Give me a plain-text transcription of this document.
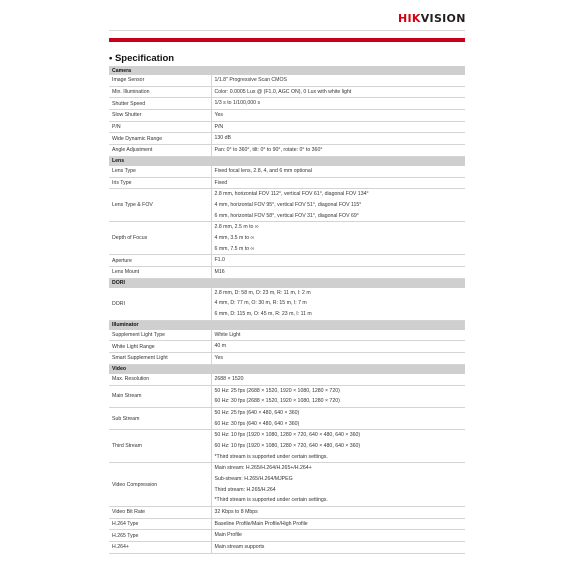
HIKVISION
• Specification
Camera	
Image Sensor	1/1.8" Progressive Scan CMOS

Min. Illumination	Color: 0.0005 Lux @ (F1.0, AGC ON), 0 Lux with white light

Shutter Speed	1/3 s to 1/100,000 s

Slow Shutter	Yes

P/N	P/N

Wide Dynamic Range	130 dB

Angle Adjustment	Pan: 0° to 360°, tilt: 0° to 90°, rotate: 0° to 360°

Lens	
Lens Type	Fixed focal lens, 2.8, 4, and 6 mm optional

Iris Type	Fixed

Lens Type & FOV	2.8 mm, horizontal FOV 112°, vertical FOV 61°, diagonal FOV 134°
4 mm, horizontal FOV 95°, vertical FOV 51°, diagonal FOV 115°
6 mm, horizontal FOV 58°, vertical FOV 31°, diagonal FOV 69°

Depth of Focus	2.8 mm, 2.5 m to ∞
4 mm, 3.5 m to ∞
6 mm, 7.5 m to ∞

Aperture	F1.0

Lens Mount	M16

DORI	
DORI	2.8 mm, D: 58 m, O: 23 m, R: 11 m, I: 2 m
4 mm, D: 77 m, O: 30 m, R: 15 m, I: 7 m
6 mm, D: 115 m, O: 45 m, R: 23 m, I: 11 m

Illuminator	
Supplement Light Type	White Light

White Light Range	40 m

Smart Supplement Light	Yes

Video	
Max. Resolution	2688 × 1520

Main Stream	50 Hz: 25 fps (2688 × 1520, 1920 × 1080, 1280 × 720)
60 Hz: 30 fps (2688 × 1520, 1920 × 1080, 1280 × 720)

Sub Stream	50 Hz: 25 fps (640 × 480, 640 × 360)
60 Hz: 30 fps (640 × 480, 640 × 360)

Third Stream	50 Hz: 10 fps (1920 × 1080, 1280 × 720, 640 × 480, 640 × 360)
60 Hz: 10 fps (1920 × 1080, 1280 × 720, 640 × 480, 640 × 360)
*Third stream is supported under certain settings.

Video Compression	Main stream: H.265/H.264/H.265+/H.264+
Sub-stream: H.265/H.264/MJPEG
Third stream: H.265/H.264
*Third stream is supported under certain settings.

Video Bit Rate	32 Kbps to 8 Mbps

H.264 Type	Baseline Profile/Main Profile/High Profile

H.265 Type	Main Profile

H.264+	Main stream supports
